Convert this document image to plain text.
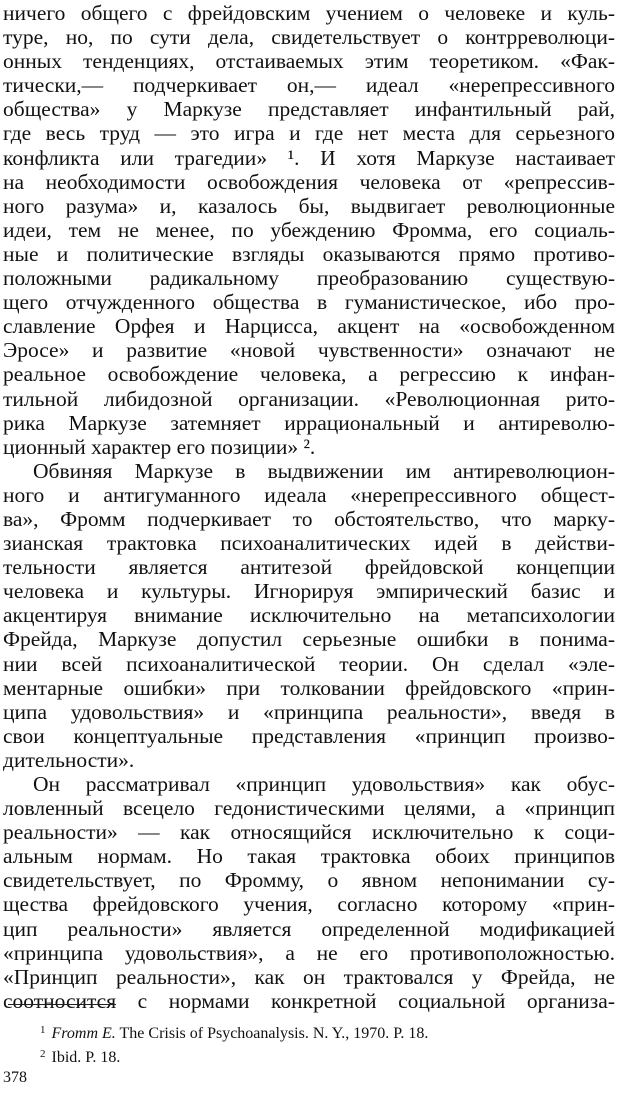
ничего общего с фрейдовским учением о человеке и куль-
туре, но, по сути дела, свидетельствует о контрреволюци-
онных тенденциях, отстаиваемых этим теоретиком. «Фак-
тически,— подчеркивает он,— идеал «нерепрессивного
общества» у Маркузе представляет инфантильный рай,
где весь труд — это игра и где нет места для серьезного
конфликта или трагедии» ¹. И хотя Маркузе настаивает
на необходимости освобождения человека от «репрессив-
ного разума» и, казалось бы, выдвигает революционные
идеи, тем не менее, по убеждению Фромма, его социаль-
ные и политические взгляды оказываются прямо противо-
положными радикальному преобразованию существую-
щего отчужденного общества в гуманистическое, ибо про-
славление Орфея и Нарцисса, акцент на «освобожденном
Эросе» и развитие «новой чувственности» означают не
реальное освобождение человека, а регрессию к инфан-
тильной либидозной организации. «Революционная рито-
рика Маркузе затемняет иррациональный и антиреволю-
ционный характер его позиции» ².
Обвиняя Маркузе в выдвижении им антиреволюцион-
ного и антигуманного идеала «нерепрессивного общест-
ва», Фромм подчеркивает то обстоятельство, что марку-
зианская трактовка психоаналитических идей в действи-
тельности является антитезой фрейдовской концепции
человека и культуры. Игнорируя эмпирический базис и
акцентируя внимание исключительно на метапсихологии
Фрейда, Маркузе допустил серьезные ошибки в понима-
нии всей психоаналитической теории. Он сделал «эле-
ментарные ошибки» при толковании фрейдовского «прин-
ципа удовольствия» и «принципа реальности», введя в
свои концептуальные представления «принцип произво-
дительности».
Он рассматривал «принцип удовольствия» как обус-
ловленный всецело гедонистическими целями, а «принцип
реальности» — как относящийся исключительно к соци-
альным нормам. Но такая трактовка обоих принципов
свидетельствует, по Фромму, о явном непонимании су-
щества фрейдовского учения, согласно которому «прин-
цип реальности» является определенной модификацией
«принципа удовольствия», а не его противоположностью.
«Принцип реальности», как он трактовался у Фрейда, не
соотносится с нормами конкретной социальной организа-
$^1$ Fromm E. The Crisis of Psychoanalysis. N. Y., 1970. P. 18.
$^2$ Ibid. P. 18.
378
